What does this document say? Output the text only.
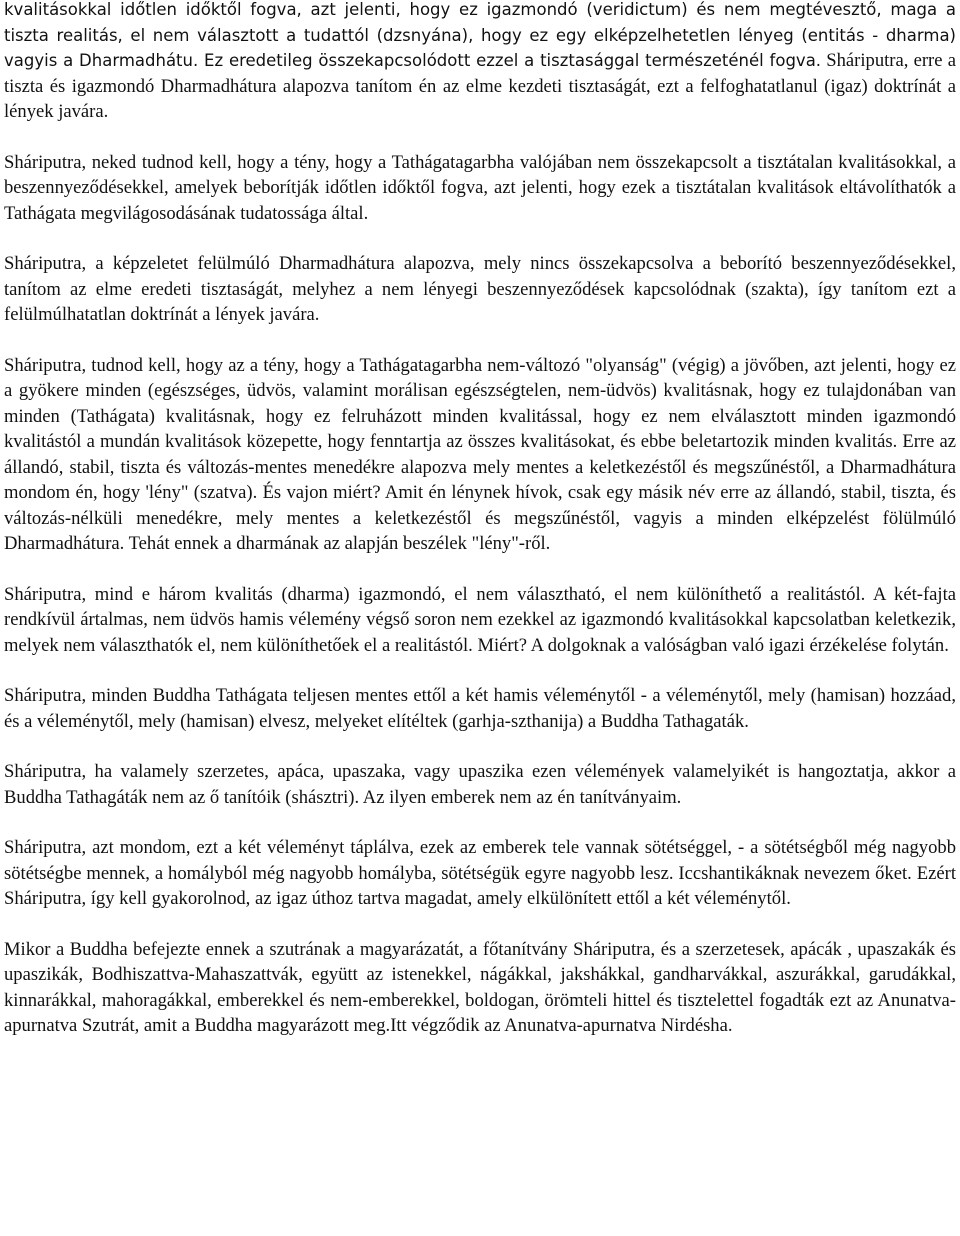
kvalitásokkal időtlen időktől fogva, azt jelenti, hogy ez igazmondó (veridictum) és nem megtévesztő, maga a tiszta realitás, el nem választott a tudattól (dzsnyána), hogy ez egy elképzelhetetlen lényeg (entitás - dharma) vagyis a Dharmadhátu. Ez eredetileg összekapcsolódott ezzel a tisztasággal természeténél fogva. Sháriputra, erre a tiszta és igazmondó Dharmadhátura alapozva tanítom én az elme kezdeti tisztaságát, ezt a felfoghatatlanul (igaz) doktrínát a lények javára.

Sháriputra, neked tudnod kell, hogy a tény, hogy a Tathágatagarbha valójában nem összekapcsolt a tisztátalan kvalitásokkal, a beszennyeződésekkel, amelyek beborítják időtlen időktől fogva, azt jelenti, hogy ezek a tisztátalan kvalitások eltávolíthatók a Tathágata megvilágosodásának tudatossága által.

Sháriputra, a képzeletet felülmúló Dharmadhátura alapozva, mely nincs összekapcsolva a beborító beszennyeződésekkel, tanítom az elme eredeti tisztaságát, melyhez a nem lényegi beszennyeződések kapcsolódnak (szakta), így tanítom ezt a felülmúlhatatlan doktrínát a lények javára.

Sháriputra, tudnod kell, hogy az a tény, hogy a Tathágatagarbha nem-változó "olyanság" (végig) a jövőben, azt jelenti, hogy ez a gyökere minden (egészséges, üdvös, valamint morálisan egészségtelen, nem-üdvös) kvalitásnak, hogy ez tulajdonában van minden (Tathágata) kvalitásnak, hogy ez felruházott minden kvalitással, hogy ez nem elválasztott minden igazmondó kvalitástól a mundán kvalitások közepette, hogy fenntartja az összes kvalitásokat, és ebbe beletartozik minden kvalitás. Erre az állandó, stabil, tiszta és változás-mentes menedékre alapozva mely mentes a keletkezéstől és megszűnéstől, a Dharmadhátura mondom én, hogy 'lény" (szatva). És vajon miért? Amit én lénynek hívok, csak egy másik név erre az állandó, stabil, tiszta, és változás-nélküli menedékre, mely mentes a keletkezéstől és megszűnéstől, vagyis a minden elképzelést fölülmúló Dharmadhátura. Tehát ennek a dharmának az alapján beszélek "lény"-ről.

Sháriputra, mind e három kvalitás (dharma) igazmondó, el nem választható, el nem különíthető a realitástól. A két-fajta rendkívül ártalmas, nem üdvös hamis vélemény végső soron nem ezekkel az igazmondó kvalitásokkal kapcsolatban keletkezik, melyek nem választhatók el, nem különíthetőek el a realitástól. Miért? A dolgoknak a valóságban való igazi érzékelése folytán.

Sháriputra, minden Buddha Tathágata teljesen mentes ettől a két hamis véleménytől - a véleménytől, mely (hamisan) hozzáad, és a véleménytől, mely (hamisan) elvesz, melyeket elítéltek (garhja-szthanija) a Buddha Tathagaták.

Sháriputra, ha valamely szerzetes, apáca, upaszaka, vagy upaszika ezen vélemények valamelyikét is hangoztatja, akkor a Buddha Tathagáták nem az ő tanítóik (shásztri). Az ilyen emberek nem az én tanítványaim.

Sháriputra, azt mondom, ezt a két véleményt táplálva, ezek az emberek tele vannak sötétséggel, - a sötétségből még nagyobb sötétségbe mennek, a homályból még nagyobb homályba, sötétségük egyre nagyobb lesz. Iccshantikáknak nevezem őket. Ezért Sháriputra, így kell gyakorolnod, az igaz úthoz tartva magadat, amely elkülönített ettől a két véleménytől.

Mikor a Buddha befejezte ennek a szutrának a magyarázatát, a főtanítvány Sháriputra, és a szerzetesek, apácák , upaszakák és upaszikák, Bodhiszattva-Mahaszattvák, együtt az istenekkel, nágákkal, jakshákkal, gandharvákkal, aszurákkal, garudákkal, kinnarákkal, mahoragákkal, emberekkel és nem-emberekkel, boldogan, örömteli hittel és tisztelettel fogadták ezt az Anunatva-apurnatva Szutrát, amit a Buddha magyarázott meg.Itt végződik az Anunatva-apurnatva Nirdésha.
